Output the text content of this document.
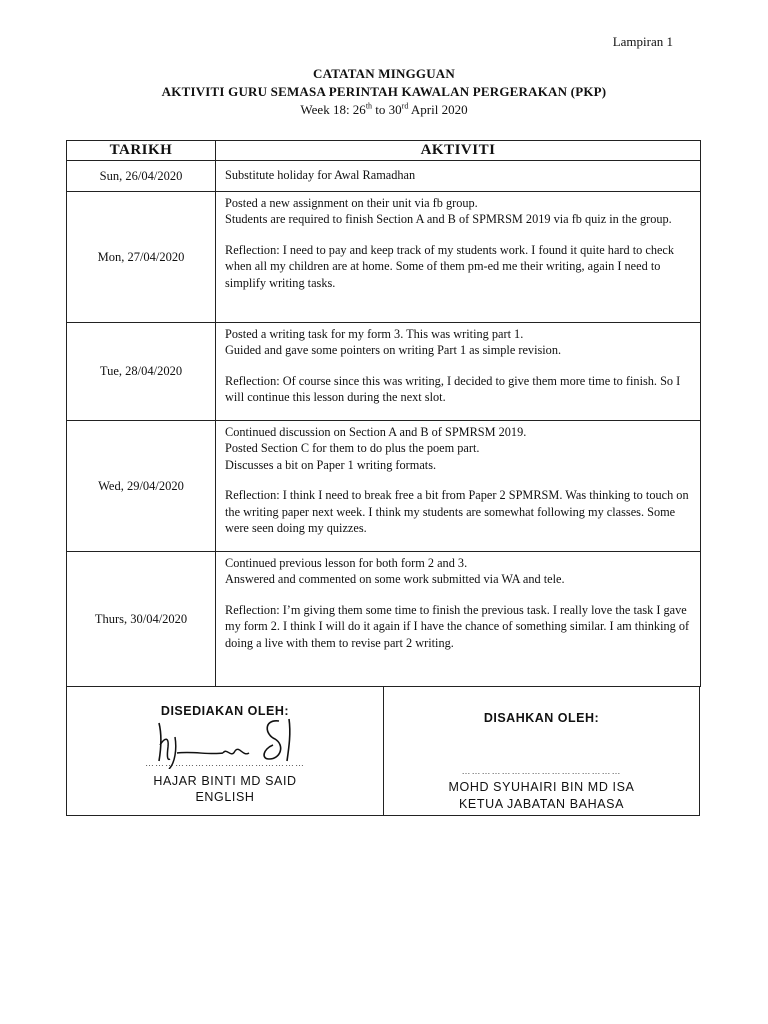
Lampiran 1
CATATAN MINGGUAN
AKTIVITI GURU SEMASA PERINTAH KAWALAN PERGERAKAN (PKP)
Week 18: 26th to 30rd April 2020
TARIKH	AKTIVITI
Sun, 26/04/2020	Substitute holiday for Awal Ramadhan

Mon, 27/04/2020	Posted a new assignment on their unit via fb group.

Students are required to finish Section A and B of SPMRSM 2019 via fb quiz in the group.

Reflection: I need to pay and keep track of my students work. I found it quite hard to check when all my children are at home. Some of them pm-ed me their writing, again I need to simplify writing tasks.

Tue, 28/04/2020	Posted a writing task for my form 3. This was writing part 1.

Guided and gave some pointers on writing Part 1 as simple revision.

Reflection: Of course since this was writing, I decided to give them more time to finish. So I will continue this lesson during the next slot.

Wed, 29/04/2020	Continued discussion on Section A and B of SPMRSM 2019.

Posted Section C for them to do plus the poem part.

Discusses a bit on Paper 1 writing formats.

Reflection: I think I need to break free a bit from Paper 2 SPMRSM. Was thinking to touch on the writing paper next week. I think my students are somewhat following my classes. Some were seen doing my quizzes.

Thurs, 30/04/2020	Continued previous lesson for both form 2 and 3.

Answered and commented on some work submitted via WA and tele.

Reflection: I’m giving them some time to finish the previous task. I really love the task I gave my form 2. I think I will do it again if I have the chance of something similar. I am thinking of doing a live with them to revise part 2 writing.

DISEDIAKAN OLEH:
…………………………………………
HAJAR BINTI MD SAID
ENGLISH
DISAHKAN OLEH:
…………………………………………
MOHD SYUHAIRI BIN MD ISA
KETUA JABATAN BAHASA
